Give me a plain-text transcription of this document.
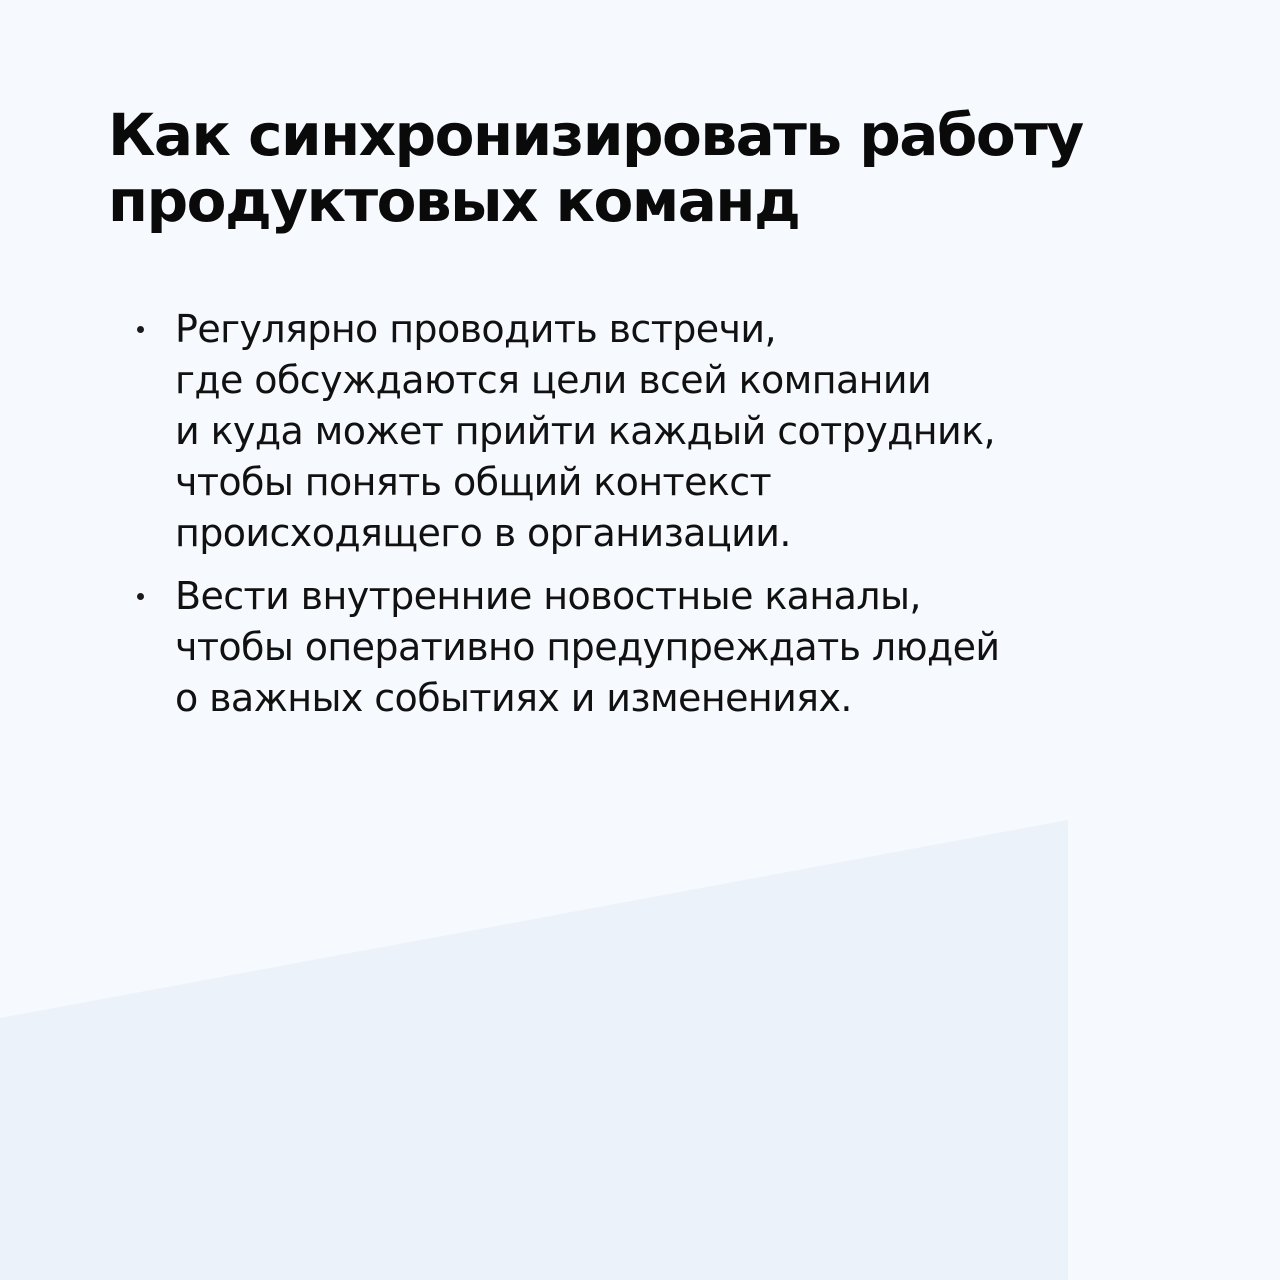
Как синхронизировать работу
продуктовых команд
Регулярно проводить встречи,
где обсуждаются цели всей компании
и куда может прийти каждый сотрудник,
чтобы понять общий контекст
происходящего в организации.
Вести внутренние новостные каналы,
чтобы оперативно предупреждать людей
о важных событиях и изменениях.
